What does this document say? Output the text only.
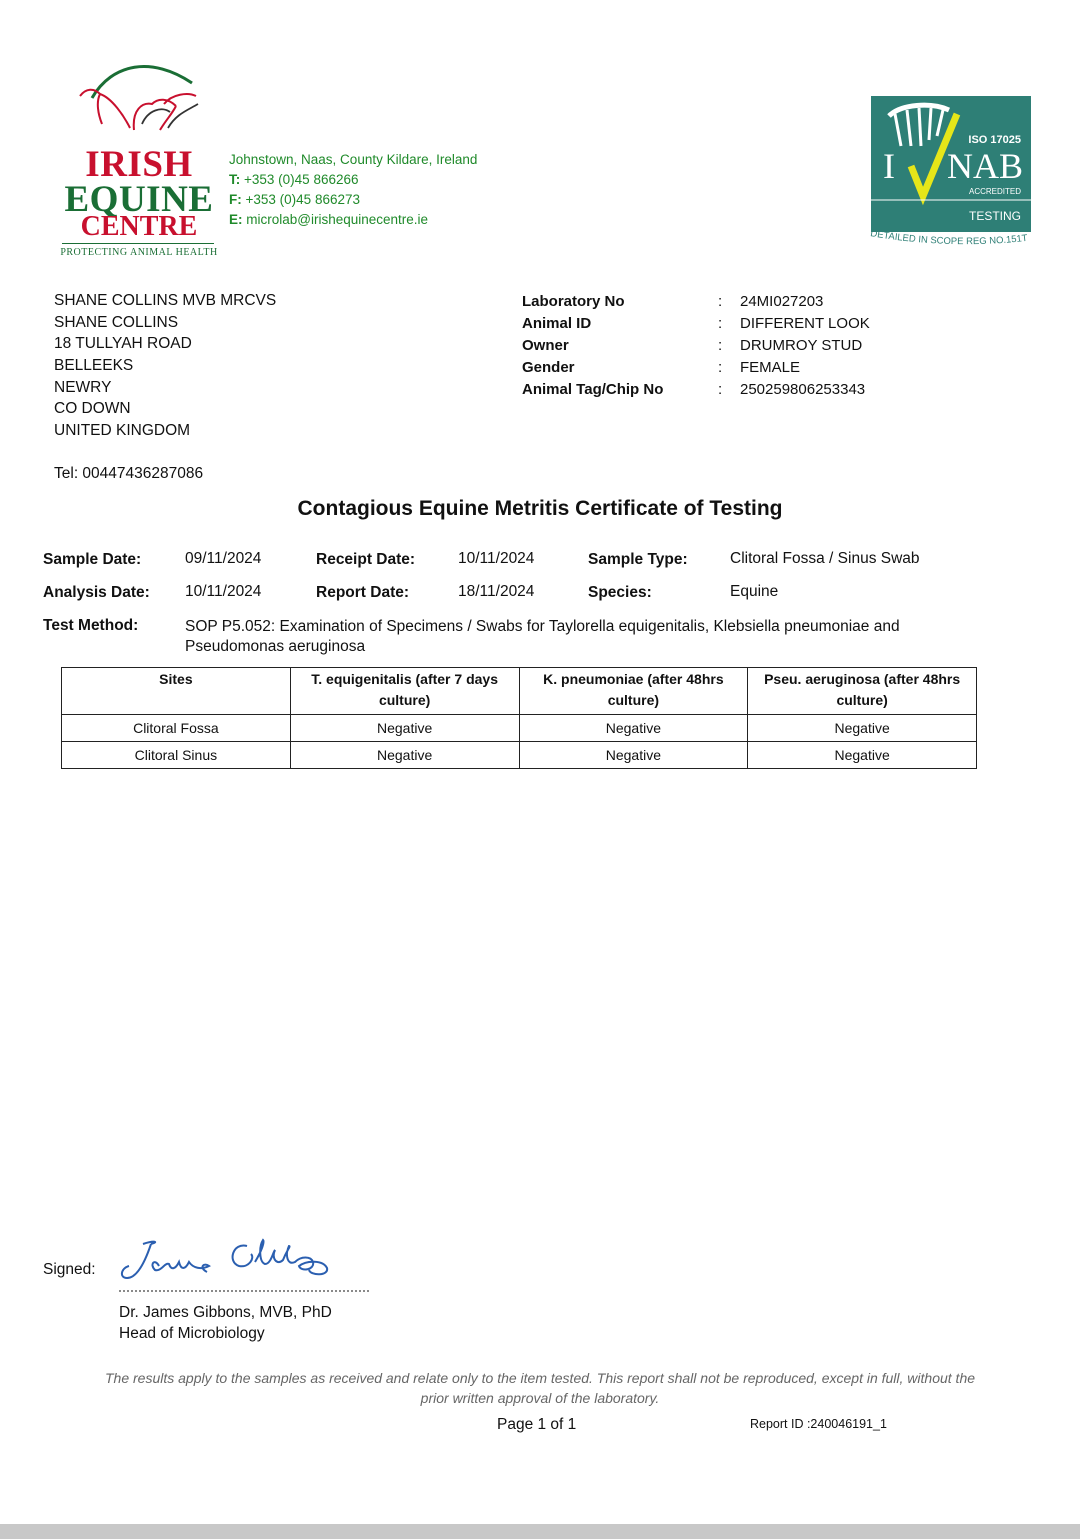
IRISH
EQUINE
CENTRE
PROTECTING ANIMAL HEALTH
Johnstown, Naas, County Kildare, Ireland
T: +353 (0)45 866266
F: +353 (0)45 866273
E: microlab@irishequinecentre.ie
ISO 17025
I NAB
ACCREDITED
TESTING
DETAILED IN SCOPE REG NO.151T
SHANE COLLINS MVB MRCVS
SHANE COLLINS
18 TULLYAH ROAD
BELLEEKS
NEWRY
CO DOWN
UNITED KINGDOM
Tel: 00447436287086
Laboratory No	: 24MI027203
Animal ID	: DIFFERENT LOOK
Owner	: DRUMROY STUD
Gender	: FEMALE
Animal Tag/Chip No	: 250259806253343
Contagious Equine Metritis Certificate of Testing
Sample Date:	09/11/2024	Receipt Date:	10/11/2024	Sample Type:	Clitoral Fossa / Sinus Swab
Analysis Date: 10/11/2024	Report Date:	18/11/2024	Species:	Equine
Test Method:	SOP P5.052: Examination of Specimens / Swabs for Taylorella equigenitalis, Klebsiella pneumoniae and Pseudomonas aeruginosa
Sites	T. equigenitalis (after 7 days culture)	K. pneumoniae (after 48hrs culture)	Pseu. aeruginosa (after 48hrs culture)
Clitoral Fossa	Negative	Negative	Negative
Clitoral Sinus	Negative	Negative	Negative
Signed:
Dr. James Gibbons, MVB, PhD
Head of Microbiology
The results apply to the samples as received and relate only to the item tested. This report shall not be reproduced, except in full, without the prior written approval of the laboratory.
Page 1 of 1	Report ID :240046191_1
